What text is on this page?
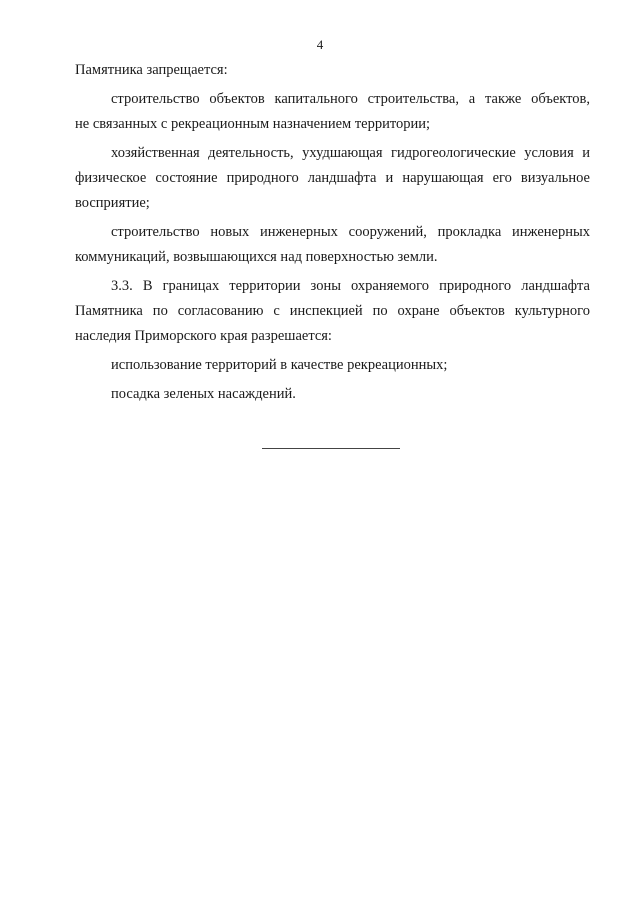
4
Памятника запрещается:
строительство объектов капитального строительства, а также объектов,
не связанных с рекреационным назначением территории;
хозяйственная деятельность, ухудшающая гидрогеологические условия и
физическое состояние природного ландшафта и нарушающая его визуальное
восприятие;
строительство новых инженерных сооружений, прокладка инженерных
коммуникаций, возвышающихся над поверхностью земли.
3.3. В границах территории зоны охраняемого природного ландшафта
Памятника по согласованию с инспекцией по охране объектов культурного
наследия Приморского края разрешается:
использование территорий в качестве рекреационных;
посадка зеленых насаждений.
